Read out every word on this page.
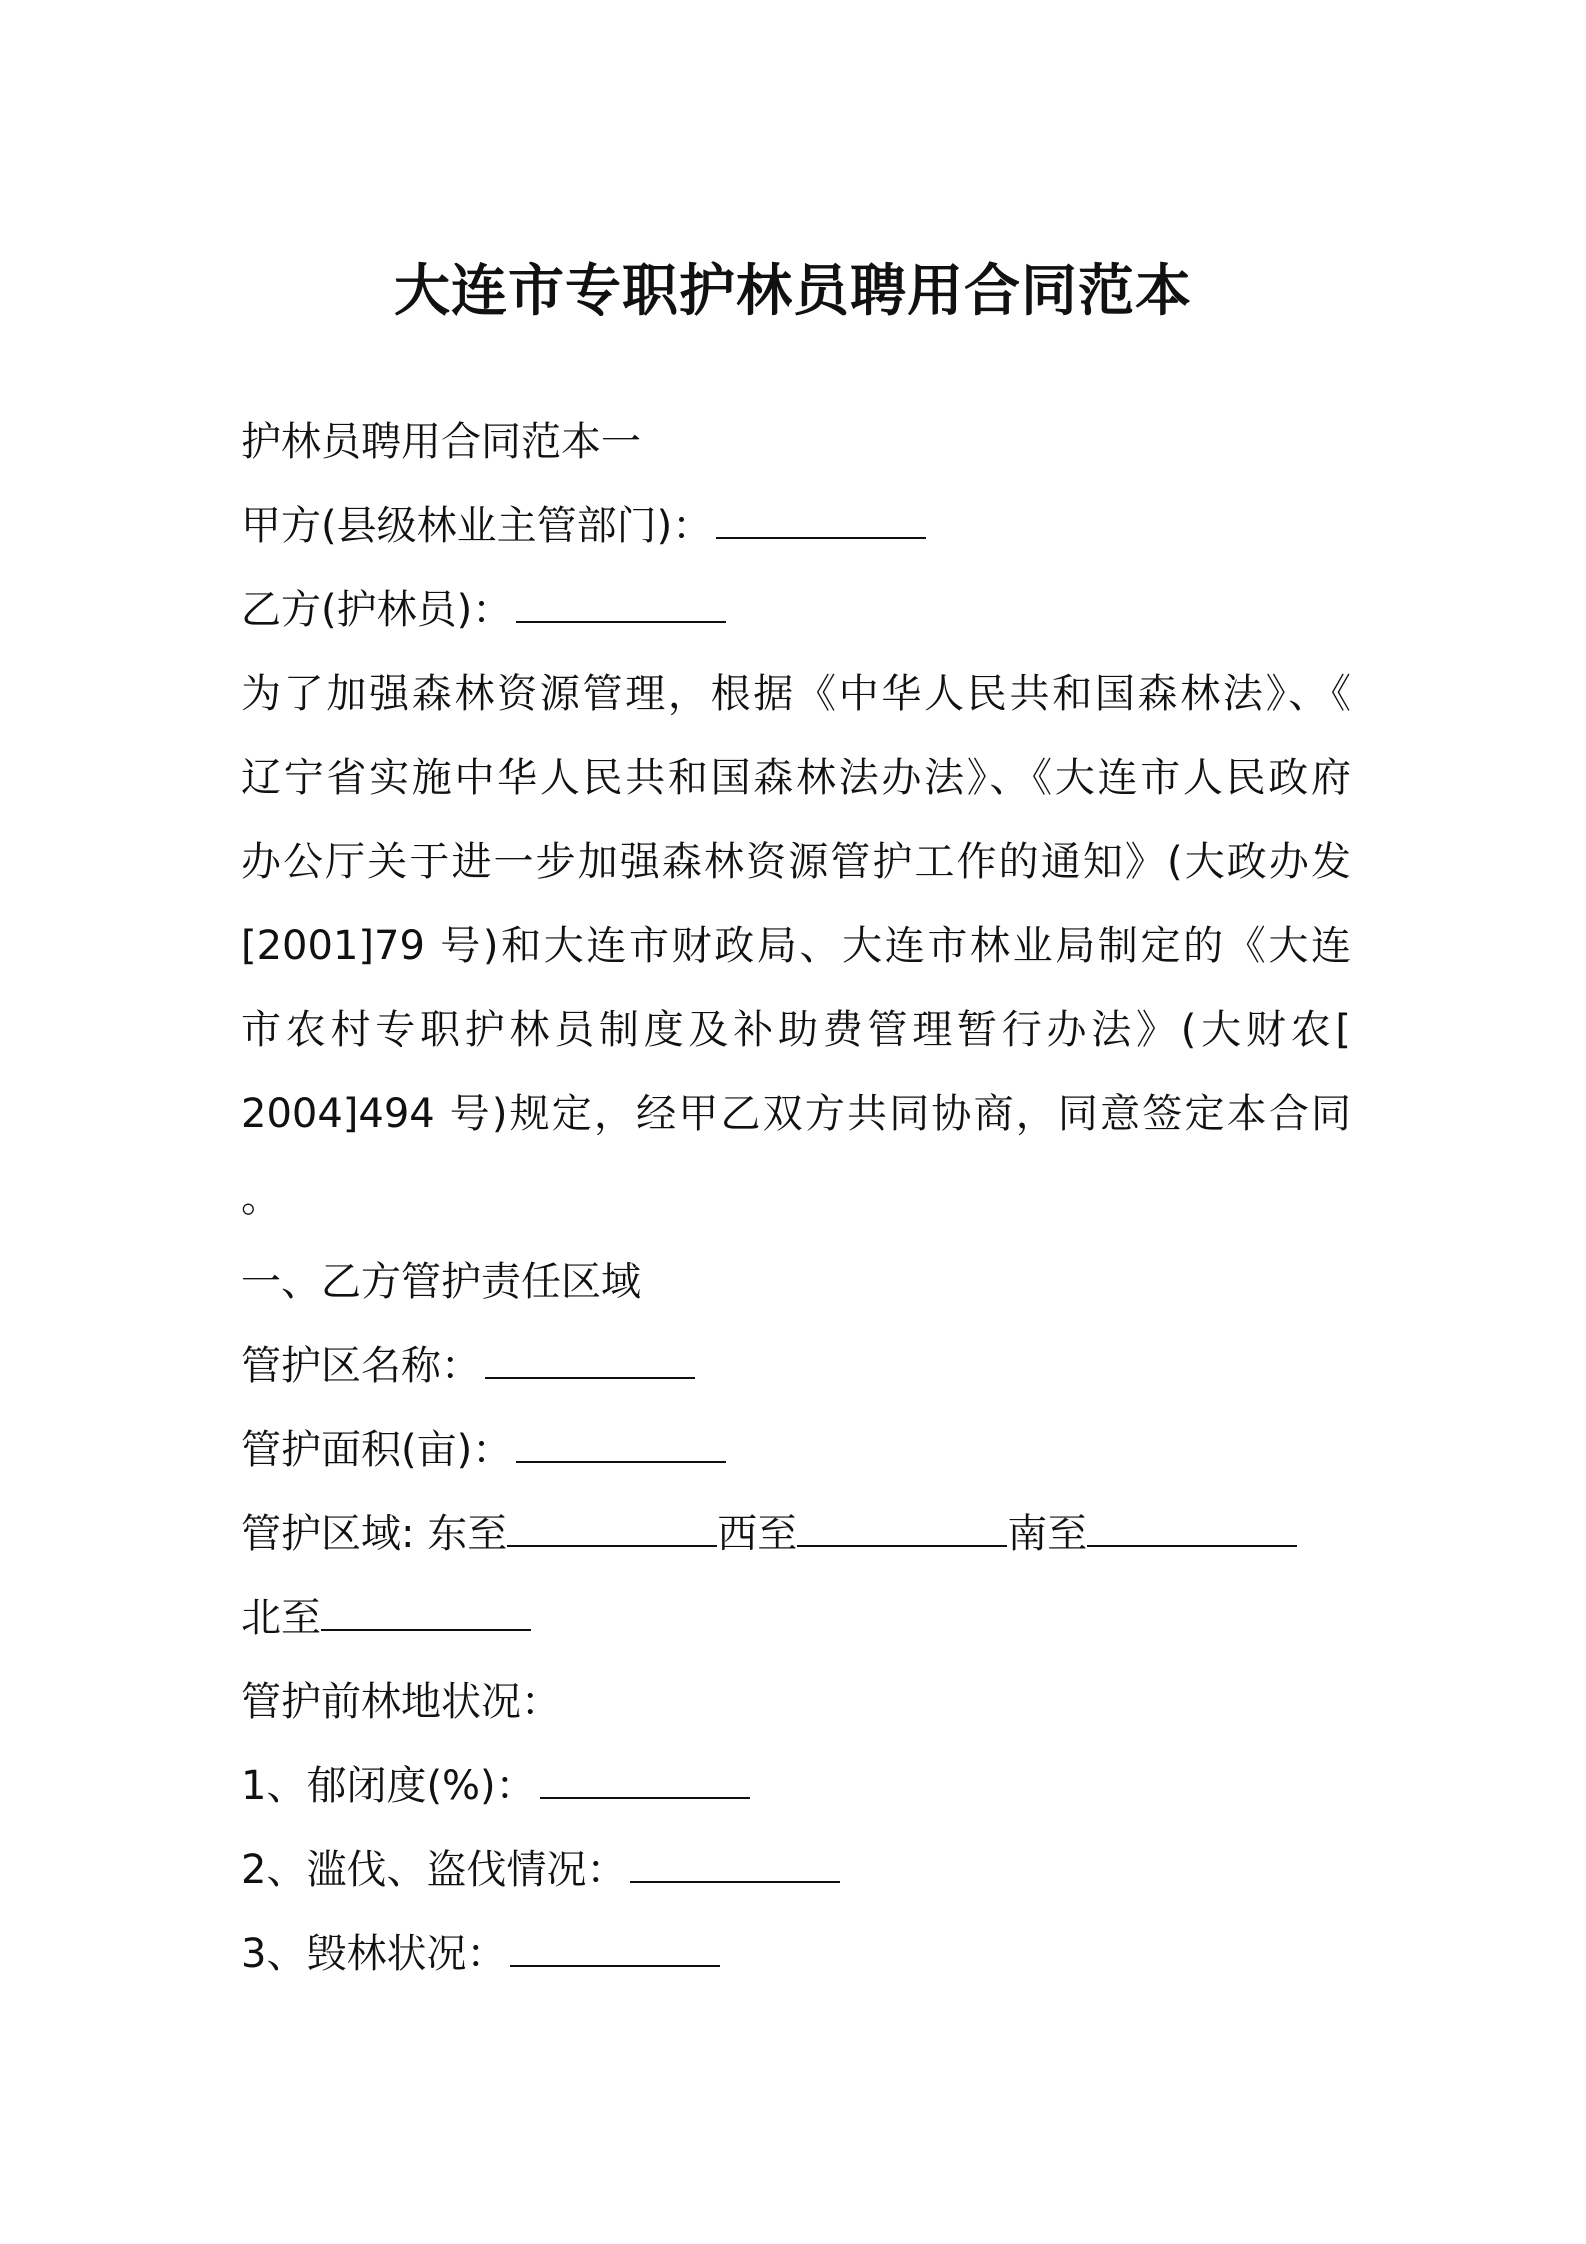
大连市专职护林员聘用合同范本
护林员聘用合同范本一
甲方(县级林业主管部门)：
乙方(护林员)：
为了加强森林资源管理，根据《中华人民共和国森林法》、《
辽宁省实施中华人民共和国森林法办法》、《大连市人民政府
办公厅关于进一步加强森林资源管护工作的通知》(大政办发
[2001]79 号)和大连市财政局、大连市林业局制定的《大连
市农村专职护林员制度及补助费管理暂行办法》(大财农[
2004]494 号)规定，经甲乙双方共同协商，同意签定本合同
。
一、乙方管护责任区域
管护区名称：
管护面积(亩)：
管护区域: 东至	西至	南至
北至
管护前林地状况：
1、郁闭度(%)：
2、滥伐、盗伐情况：
3、毁林状况：
